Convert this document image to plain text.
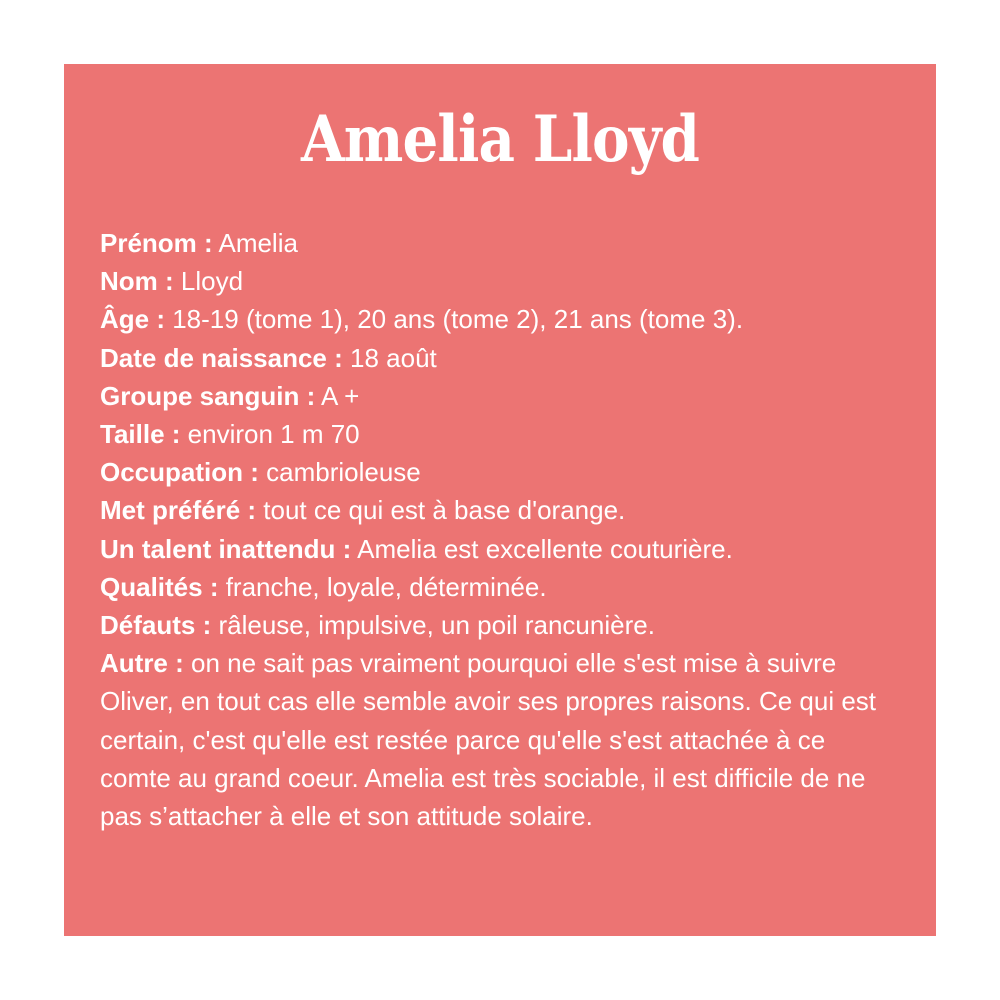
Amelia Lloyd
Prénom : Amelia
Nom : Lloyd
Âge : 18-19 (tome 1), 20 ans (tome 2), 21 ans (tome 3).
Date de naissance : 18 août
Groupe sanguin : A +
Taille : environ 1 m 70
Occupation : cambrioleuse
Met préféré : tout ce qui est à base d'orange.
Un talent inattendu : Amelia est excellente couturière.
Qualités : franche, loyale, déterminée.
Défauts : râleuse, impulsive, un poil rancunière.
Autre : on ne sait pas vraiment pourquoi elle s'est mise à suivre Oliver, en tout cas elle semble avoir ses propres raisons. Ce qui est certain, c'est qu'elle est restée parce qu'elle s'est attachée à ce comte au grand coeur. Amelia est très sociable, il est difficile de ne pas s’attacher à elle et son attitude solaire.
